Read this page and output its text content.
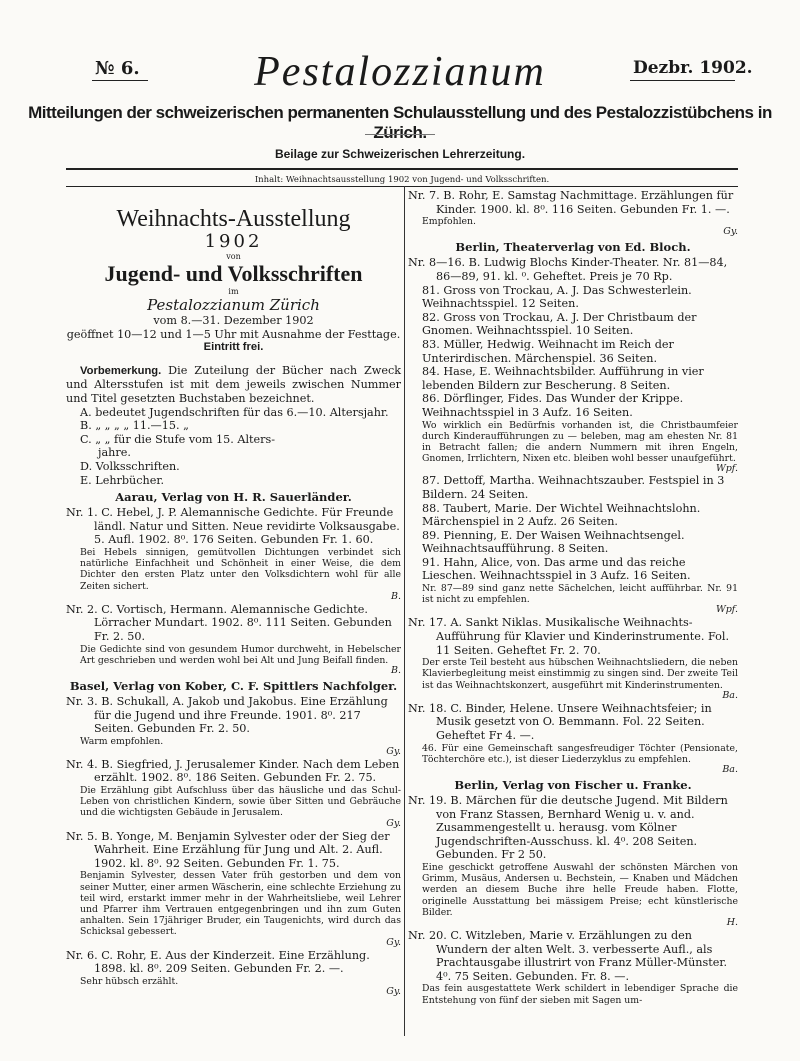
№ 6.	Pestalozzianum	Dezbr. 1902.
Mitteilungen der schweizerischen permanenten Schulausstellung und des Pestalozzistübchens in Zürich.
Beilage zur Schweizerischen Lehrerzeitung.
Inhalt: Weihnachtsausstellung 1902 von Jugend- und Volksschriften.
Weihnachts-Ausstellung
1902
von
Jugend- und Volksschriften
im
Pestalozzianum Zürich
vom 8.—31. Dezember 1902
geöffnet 10—12 und 1—5 Uhr mit Ausnahme der Festtage.
Eintritt frei.
Vorbemerkung. Die Zuteilung der Bücher nach Zweck und Altersstufen ist mit dem jeweils zwischen Nummer und Titel gesetzten Buchstaben bezeichnet.
A. bedeutet Jugendschriften für das 6.—10. Altersjahr.
B. „ „ „ „ 11.—15. „
C. „ „ für die Stufe vom 15. Alters-
jahre.
D. Volksschriften.
E. Lehrbücher.
Aarau, Verlag von H. R. Sauerländer.
Nr. 1. C. Hebel, J. P. Alemannische Gedichte. Für Freunde ländl. Natur und Sitten. Neue revidirte Volksausgabe. 5. Aufl. 1902. 8⁰. 176 Seiten. Gebunden Fr. 1. 60.
Bei Hebels sinnigen, gemütvollen Dichtungen verbindet sich natürliche Einfachheit und Schönheit in einer Weise, die dem Dichter den ersten Platz unter den Volksdichtern wohl für alle Zeiten sichert.
B.
Nr. 2. C. Vortisch, Hermann. Alemannische Gedichte. Lörracher Mundart. 1902. 8⁰. 111 Seiten. Gebunden Fr. 2. 50.
Die Gedichte sind von gesundem Humor durchweht, in Hebelscher Art geschrieben und werden wohl bei Alt und Jung Beifall finden.
B.
Basel, Verlag von Kober, C. F. Spittlers Nachfolger.
Nr. 3. B. Schukall, A. Jakob und Jakobus. Eine Erzählung für die Jugend und ihre Freunde. 1901. 8⁰. 217 Seiten. Gebunden Fr. 2. 50.
Warm empfohlen.
Gy.
Nr. 4. B. Siegfried, J. Jerusalemer Kinder. Nach dem Leben erzählt. 1902. 8⁰. 186 Seiten. Gebunden Fr. 2. 75.
Die Erzählung gibt Aufschluss über das häusliche und das Schul-Leben von christlichen Kindern, sowie über Sitten und Gebräuche und die wichtigsten Gebäude in Jerusalem.
Gy.
Nr. 5. B. Yonge, M. Benjamin Sylvester oder der Sieg der Wahrheit. Eine Erzählung für Jung und Alt. 2. Aufl. 1902. kl. 8⁰. 92 Seiten. Gebunden Fr. 1. 75.
Benjamin Sylvester, dessen Vater früh gestorben und dem von seiner Mutter, einer armen Wäscherin, eine schlechte Erziehung zu teil wird, erstarkt immer mehr in der Wahrheitsliebe, weil Lehrer und Pfarrer ihm Vertrauen entgegenbringen und ihn zum Guten anhalten. Sein 17jähriger Bruder, ein Taugenichts, wird durch das Schicksal gebessert.
Gy.
Nr. 6. C. Rohr, E. Aus der Kinderzeit. Eine Erzählung. 1898. kl. 8⁰. 209 Seiten. Gebunden Fr. 2. —.
Sehr hübsch erzählt.
Gy.
Nr. 7. B. Rohr, E. Samstag Nachmittage. Erzählungen für Kinder. 1900. kl. 8⁰. 116 Seiten. Gebunden Fr. 1. —.
Empfohlen.
Gy.
Berlin, Theaterverlag von Ed. Bloch.
Nr. 8—16. B. Ludwig Blochs Kinder-Theater. Nr. 81—84, 86—89, 91. kl. ⁰. Geheftet. Preis je 70 Rp.
81. Gross von Trockau, A. J. Das Schwesterlein. Weihnachtsspiel. 12 Seiten.
82. Gross von Trockau, A. J. Der Christbaum der Gnomen. Weihnachtsspiel. 10 Seiten.
83. Müller, Hedwig. Weihnacht im Reich der Unterirdischen. Märchenspiel. 36 Seiten.
84. Hase, E. Weihnachtsbilder. Aufführung in vier lebenden Bildern zur Bescherung. 8 Seiten.
86. Dörflinger, Fides. Das Wunder der Krippe. Weihnachtsspiel in 3 Aufz. 16 Seiten.
Wo wirklich ein Bedürfnis vorhanden ist, die Christbaumfeier durch Kinderaufführungen zu — beleben, mag am ehesten Nr. 81 in Betracht fallen; die andern Nummern mit ihren Engeln, Gnomen, Irrlichtern, Nixen etc. bleiben wohl besser unaufgeführt.
Wpf.
87. Dettoff, Martha. Weihnachtszauber. Festspiel in 3 Bildern. 24 Seiten.
88. Taubert, Marie. Der Wichtel Weihnachtslohn. Märchenspiel in 2 Aufz. 26 Seiten.
89. Pienning, E. Der Waisen Weihnachtsengel. Weihnachtsaufführung. 8 Seiten.
91. Hahn, Alice, von. Das arme und das reiche Lieschen. Weihnachtsspiel in 3 Aufz. 16 Seiten.
Nr. 87—89 sind ganz nette Sächelchen, leicht aufführbar. Nr. 91 ist nicht zu empfehlen.
Wpf.
Nr. 17. A. Sankt Niklas. Musikalische Weihnachts-Aufführung für Klavier und Kinderinstrumente. Fol. 11 Seiten. Geheftet Fr. 2. 70.
Der erste Teil besteht aus hübschen Weihnachtsliedern, die neben Klavierbegleitung meist einstimmig zu singen sind. Der zweite Teil ist das Weihnachtskonzert, ausgeführt mit Kinderinstrumenten.
Ba.
Nr. 18. C. Binder, Helene. Unsere Weihnachtsfeier; in Musik gesetzt von O. Bemmann. Fol. 22 Seiten. Geheftet Fr 4. —.
46. Für eine Gemeinschaft sangesfreudiger Töchter (Pensionate, Töchterchöre etc.), ist dieser Liederzyklus zu empfehlen.
Ba.
Berlin, Verlag von Fischer u. Franke.
Nr. 19. B. Märchen für die deutsche Jugend. Mit Bildern von Franz Stassen, Bernhard Wenig u. v. and. Zusammengestellt u. herausg. vom Kölner Jugendschriften-Ausschuss. kl. 4⁰. 208 Seiten. Gebunden. Fr 2 50.
Eine geschickt getroffene Auswahl der schönsten Märchen von Grimm, Musäus, Andersen u. Bechstein, — Knaben und Mädchen werden an diesem Buche ihre helle Freude haben. Flotte, originelle Ausstattung bei mässigem Preise; echt künstlerische Bilder.
H.
Nr. 20. C. Witzleben, Marie v. Erzählungen zu den Wundern der alten Welt. 3. verbesserte Aufl., als Prachtausgabe illustrirt von Franz Müller-Münster. 4⁰. 75 Seiten. Gebunden. Fr. 8. —.
Das fein ausgestattete Werk schildert in lebendiger Sprache die Entstehung von fünf der sieben mit Sagen um-
